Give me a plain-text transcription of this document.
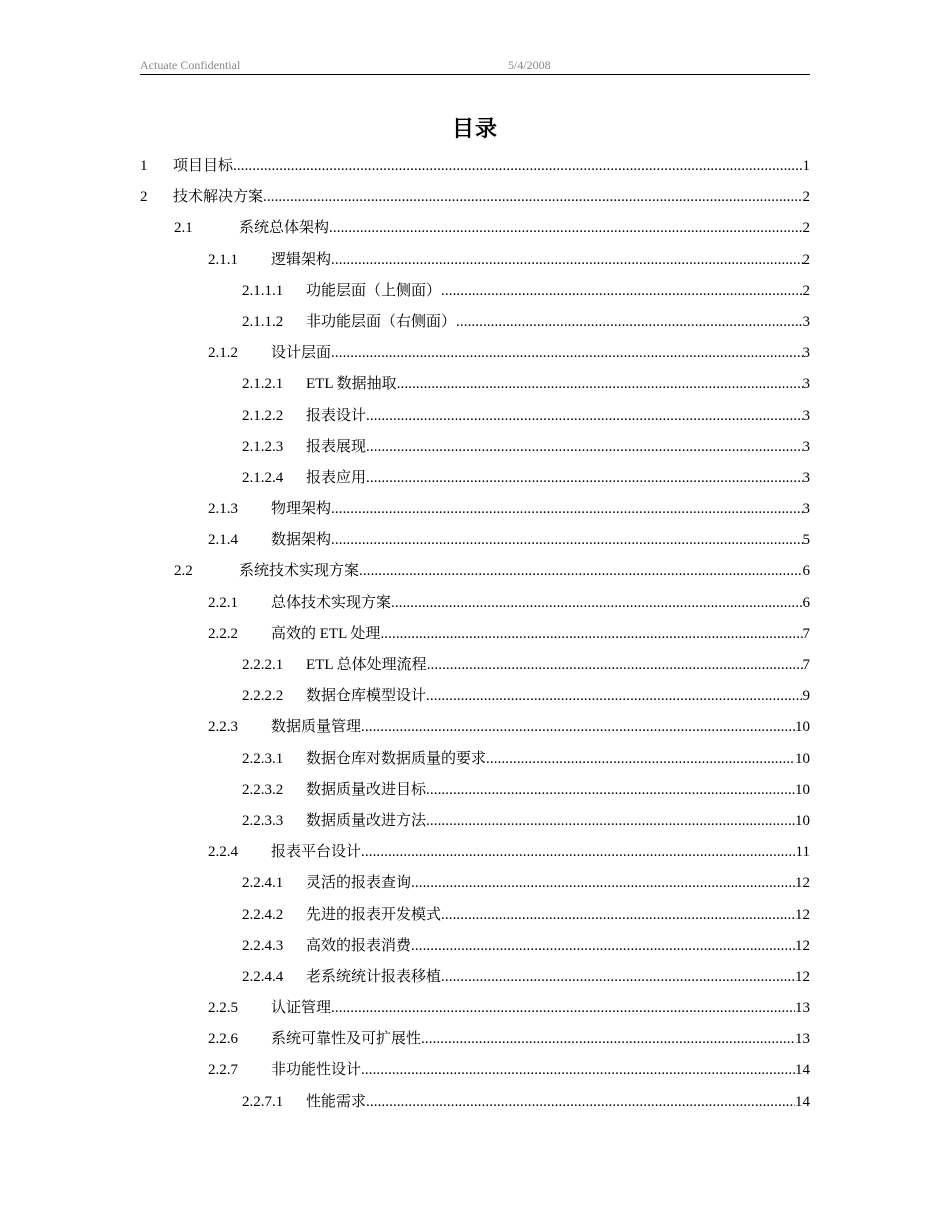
Actuate Confidential	5/4/2008
目录
1	项目目标 .....	1
2	技术解决方案 .....	2
2.1	系统总体架构 .....	2
2.1.1	逻辑架构 .....	2
2.1.1.1	功能层面（上侧面） .....	2
2.1.1.2	非功能层面（右侧面） .....	3
2.1.2	设计层面 .....	3
2.1.2.1	ETL 数据抽取 .....	3
2.1.2.2	报表设计 .....	3
2.1.2.3	报表展现 .....	3
2.1.2.4	报表应用 .....	3
2.1.3	物理架构 .....	3
2.1.4	数据架构 .....	5
2.2	系统技术实现方案 .....	6
2.2.1	总体技术实现方案 .....	6
2.2.2	高效的 ETL 处理 .....	7
2.2.2.1	ETL 总体处理流程 .....	7
2.2.2.2	数据仓库模型设计 .....	9
2.2.3	数据质量管理 .....	10
2.2.3.1	数据仓库对数据质量的要求 .....	10
2.2.3.2	数据质量改进目标 .....	10
2.2.3.3	数据质量改进方法 .....	10
2.2.4	报表平台设计 .....	11
2.2.4.1	灵活的报表查询 .....	12
2.2.4.2	先进的报表开发模式 .....	12
2.2.4.3	高效的报表消费 .....	12
2.2.4.4	老系统统计报表移植 .....	12
2.2.5	认证管理 .....	13
2.2.6	系统可靠性及可扩展性 .....	13
2.2.7	非功能性设计 .....	14
2.2.7.1	性能需求 .....	14
